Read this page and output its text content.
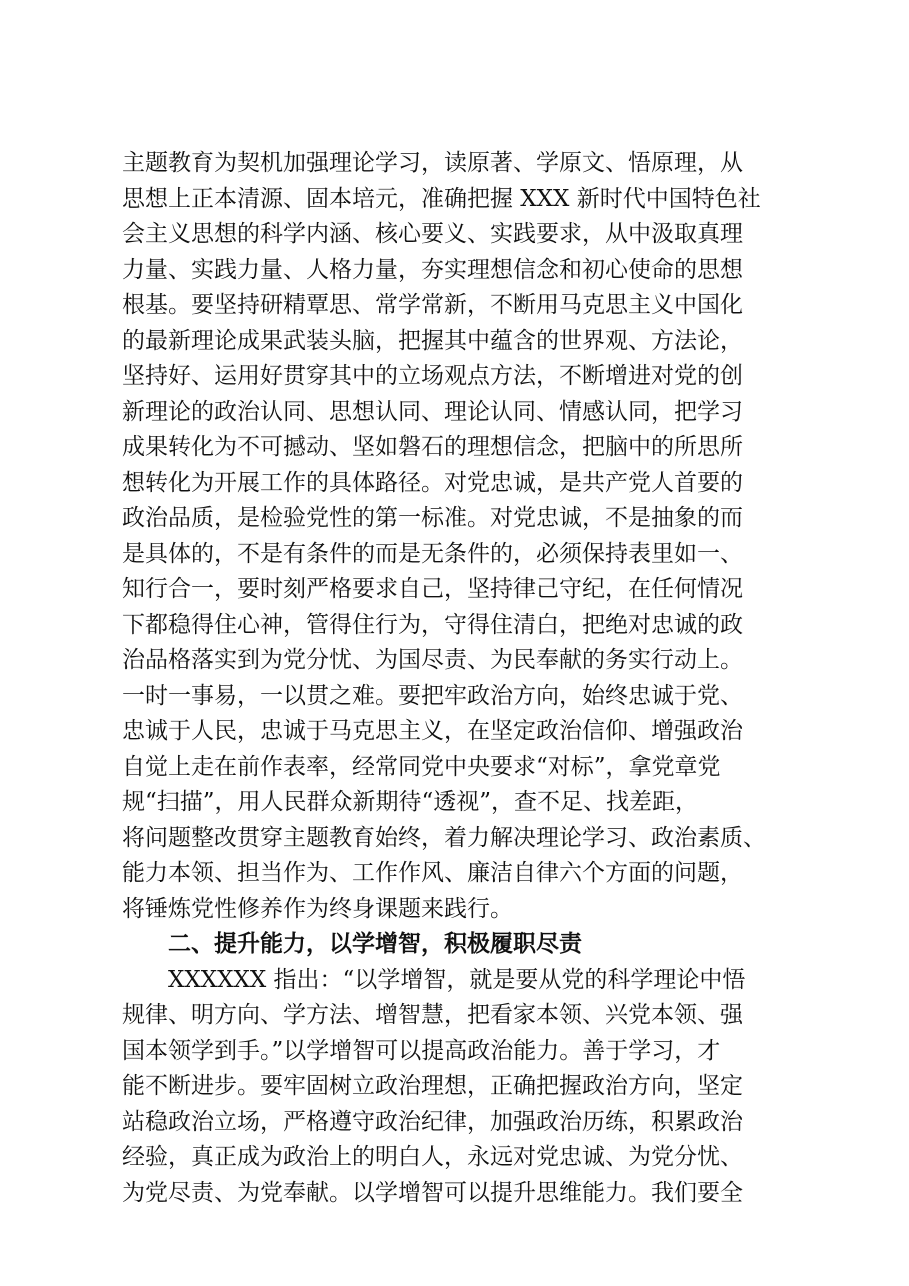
主题教育为契机加强理论学习，读原著、学原文、悟原理，从
思想上正本清源、固本培元，准确把握 XXX 新时代中国特色社
会主义思想的科学内涵、核心要义、实践要求，从中汲取真理
力量、实践力量、人格力量，夯实理想信念和初心使命的思想
根基。要坚持研精覃思、常学常新，不断用马克思主义中国化
的最新理论成果武装头脑，把握其中蕴含的世界观、方法论，
坚持好、运用好贯穿其中的立场观点方法，不断增进对党的创
新理论的政治认同、思想认同、理论认同、情感认同，把学习
成果转化为不可撼动、坚如磐石的理想信念，把脑中的所思所
想转化为开展工作的具体路径。对党忠诚，是共产党人首要的
政治品质，是检验党性的第一标准。对党忠诚，不是抽象的而
是具体的，不是有条件的而是无条件的，必须保持表里如一、
知行合一，要时刻严格要求自己，坚持律己守纪，在任何情况
下都稳得住心神，管得住行为，守得住清白，把绝对忠诚的政
治品格落实到为党分忧、为国尽责、为民奉献的务实行动上。
一时一事易，一以贯之难。要把牢政治方向，始终忠诚于党、
忠诚于人民，忠诚于马克思主义，在坚定政治信仰、增强政治
自觉上走在前作表率，经常同党中央要求“对标”，拿党章党
规“扫描”，用人民群众新期待“透视”，查不足、找差距，
将问题整改贯穿主题教育始终，着力解决理论学习、政治素质、
能力本领、担当作为、工作作风、廉洁自律六个方面的问题，
将锤炼党性修养作为终身课题来践行。
二、提升能力，以学增智，积极履职尽责
XXXXXX 指出：“以学增智，就是要从党的科学理论中悟
规律、明方向、学方法、增智慧，把看家本领、兴党本领、强
国本领学到手。”以学增智可以提高政治能力。善于学习，才
能不断进步。要牢固树立政治理想，正确把握政治方向，坚定
站稳政治立场，严格遵守政治纪律，加强政治历练，积累政治
经验，真正成为政治上的明白人，永远对党忠诚、为党分忧、
为党尽责、为党奉献。以学增智可以提升思维能力。我们要全
